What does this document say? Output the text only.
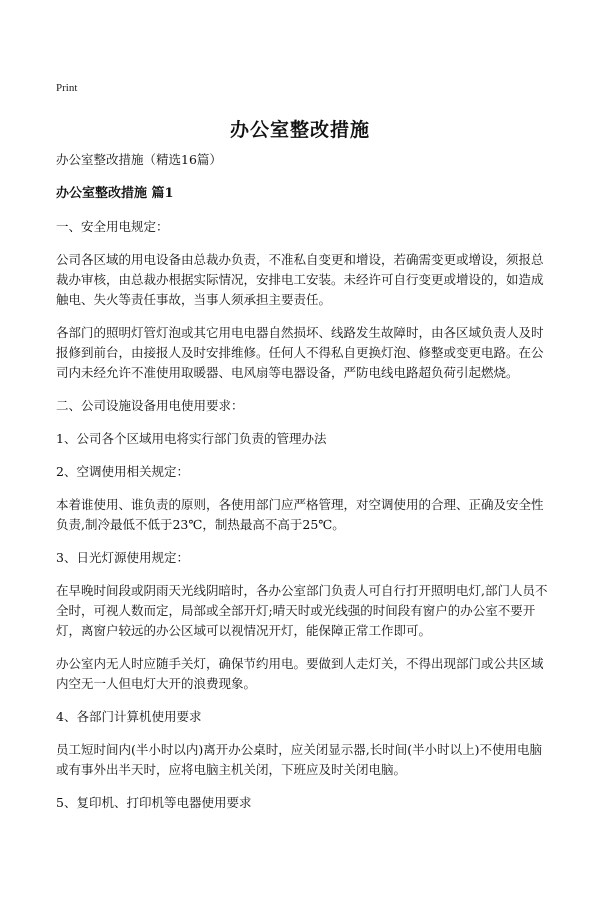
Print
办公室整改措施

办公室整改措施（精选16篇）

办公室整改措施 篇1

一、安全用电规定：

公司各区域的用电设备由总裁办负责，不准私自变更和增设，若确需变更或增设，须报总裁办审核，由总裁办根据实际情况，安排电工安装。未经许可自行变更或增设的，如造成触电、失火等责任事故，当事人须承担主要责任。

各部门的照明灯管灯泡或其它用电电器自然损坏、线路发生故障时，由各区域负责人及时报修到前台，由接报人及时安排维修。任何人不得私自更换灯泡、修整或变更电路。在公司内未经允许不准使用取暖器、电风扇等电器设备，严防电线电路超负荷引起燃烧。

二、公司设施设备用电使用要求：

1、公司各个区域用电将实行部门负责的管理办法

2、空调使用相关规定：

本着谁使用、谁负责的原则，各使用部门应严格管理，对空调使用的合理、正确及安全性负责,制冷最低不低于23℃，制热最高不高于25℃。

3、日光灯源使用规定：

在早晚时间段或阴雨天光线阴暗时，各办公室部门负责人可自行打开照明电灯,部门人员不全时，可视人数而定，局部或全部开灯;晴天时或光线强的时间段有窗户的办公室不要开灯，离窗户较远的办公区域可以视情况开灯，能保障正常工作即可。

办公室内无人时应随手关灯，确保节约用电。要做到人走灯关，不得出现部门或公共区域内空无一人但电灯大开的浪费现象。

4、各部门计算机使用要求

员工短时间内(半小时以内)离开办公桌时，应关闭显示器,长时间(半小时以上)不使用电脑或有事外出半天时，应将电脑主机关闭，下班应及时关闭电脑。

5、复印机、打印机等电器使用要求
